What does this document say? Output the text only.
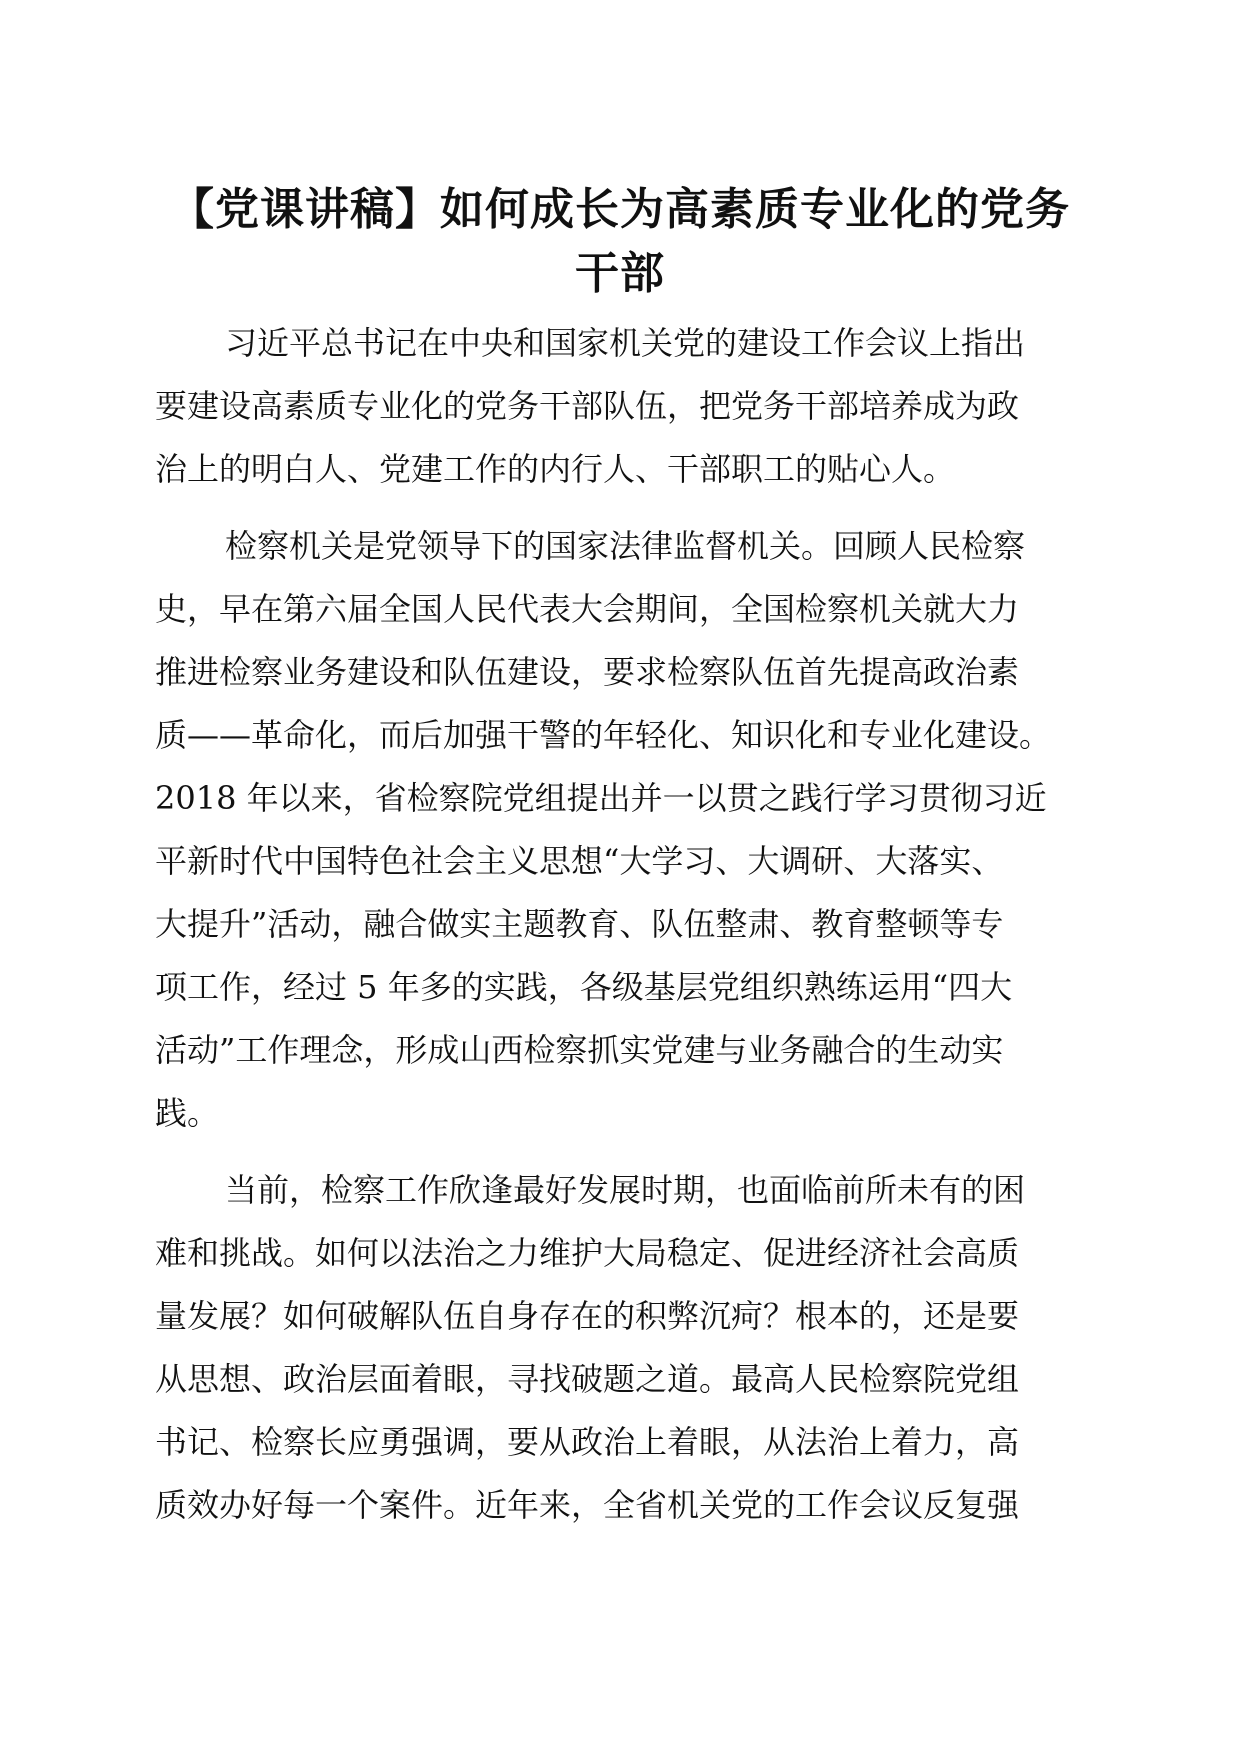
【党课讲稿】如何成长为高素质专业化的党务
干部
习近平总书记在中央和国家机关党的建设工作会议上指出
要建设高素质专业化的党务干部队伍，把党务干部培养成为政
治上的明白人、党建工作的内行人、干部职工的贴心人。
检察机关是党领导下的国家法律监督机关。回顾人民检察
史，早在第六届全国人民代表大会期间，全国检察机关就大力
推进检察业务建设和队伍建设，要求检察队伍首先提高政治素
质——革命化，而后加强干警的年轻化、知识化和专业化建设。
2018 年以来，省检察院党组提出并一以贯之践行学习贯彻习近
平新时代中国特色社会主义思想“大学习、大调研、大落实、
大提升”活动，融合做实主题教育、队伍整肃、教育整顿等专
项工作，经过 5 年多的实践，各级基层党组织熟练运用“四大
活动”工作理念，形成山西检察抓实党建与业务融合的生动实
践。
当前，检察工作欣逢最好发展时期，也面临前所未有的困
难和挑战。如何以法治之力维护大局稳定、促进经济社会高质
量发展？如何破解队伍自身存在的积弊沉疴？根本的，还是要
从思想、政治层面着眼，寻找破题之道。最高人民检察院党组
书记、检察长应勇强调，要从政治上着眼，从法治上着力，高
质效办好每一个案件。近年来，全省机关党的工作会议反复强
